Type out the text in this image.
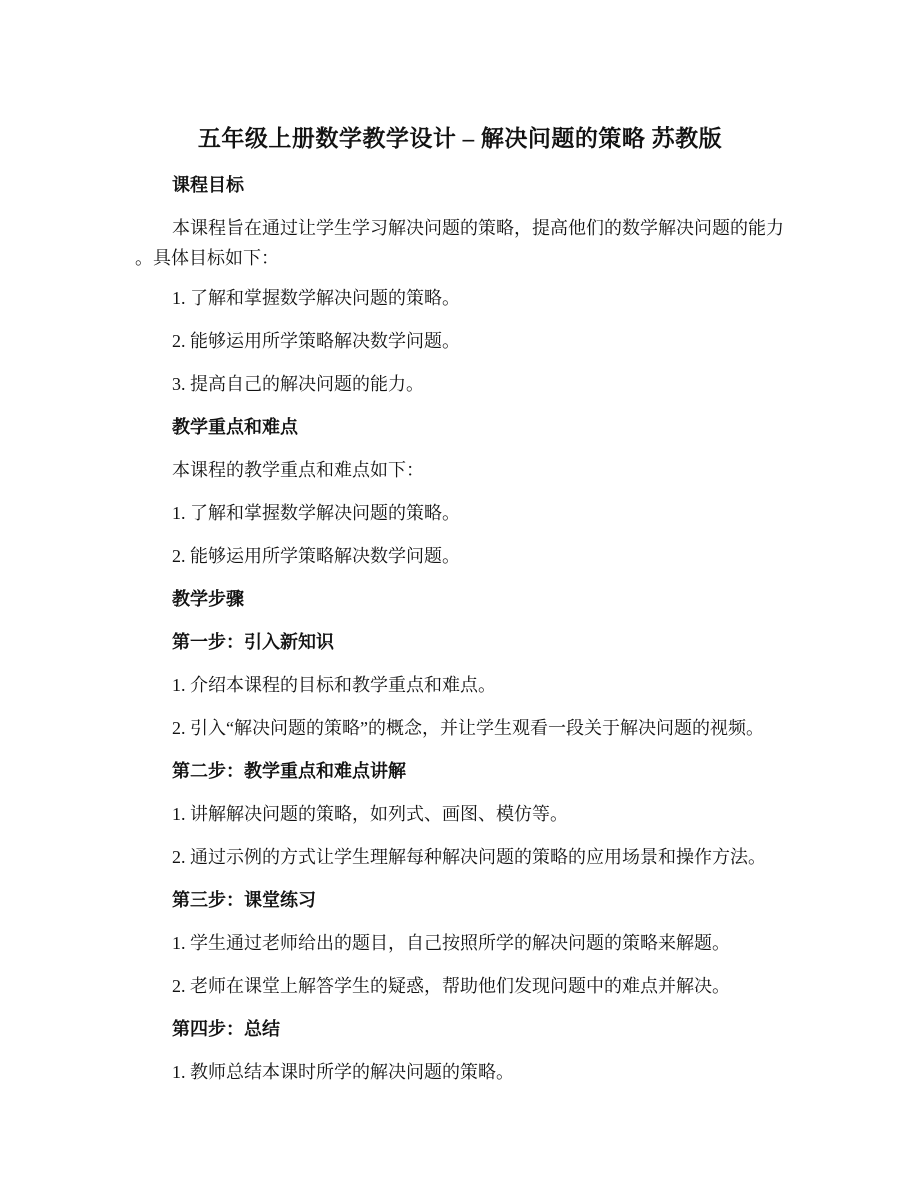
五年级上册数学教学设计 – 解决问题的策略 苏教版
课程目标
本课程旨在通过让学生学习解决问题的策略，提高他们的数学解决问题的能力
。具体目标如下：
1. 了解和掌握数学解决问题的策略。
2. 能够运用所学策略解决数学问题。
3. 提高自己的解决问题的能力。
教学重点和难点
本课程的教学重点和难点如下：
1. 了解和掌握数学解决问题的策略。
2. 能够运用所学策略解决数学问题。
教学步骤
第一步：引入新知识
1. 介绍本课程的目标和教学重点和难点。
2. 引入“解决问题的策略”的概念，并让学生观看一段关于解决问题的视频。
第二步：教学重点和难点讲解
1. 讲解解决问题的策略，如列式、画图、模仿等。
2. 通过示例的方式让学生理解每种解决问题的策略的应用场景和操作方法。
第三步：课堂练习
1. 学生通过老师给出的题目，自己按照所学的解决问题的策略来解题。
2. 老师在课堂上解答学生的疑惑，帮助他们发现问题中的难点并解决。
第四步：总结
1. 教师总结本课时所学的解决问题的策略。
